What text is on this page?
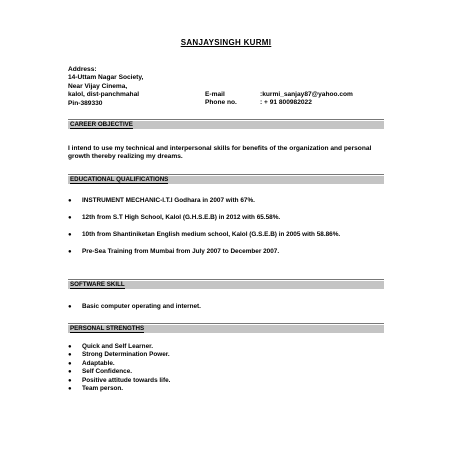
SANJAYSINGH KURMI
Address:
14-Uttam Nagar Society,
Near Vijay Cinema,
kalol, dist-panchmahal
Pin-389330
E-mail	:kurmi_sanjay87@yahoo.com
Phone no.	: + 91 800982022
CAREER OBJECTIVE
I intend to use my technical and interpersonal skills for benefits of the organization and personal growth thereby realizing my dreams.
EDUCATIONAL QUALIFICATIONS
● INSTRUMENT MECHANIC-I.T.I Godhara in 2007 with 67%.
● 12th from S.T High School, Kalol (G.H.S.E.B) in 2012 with 65.58%.
● 10th from Shantiniketan English medium school, Kalol (G.S.E.B) in 2005 with 58.86%.
● Pre-Sea Training from Mumbai from July 2007 to December 2007.
SOFTWARE SKILL
● Basic computer operating and internet.
PERSONAL STRENGTHS
● Quick and Self Learner.
● Strong Determination Power.
● Adaptable.
● Self Confidence.
● Positive attitude towards life.
● Team person.
